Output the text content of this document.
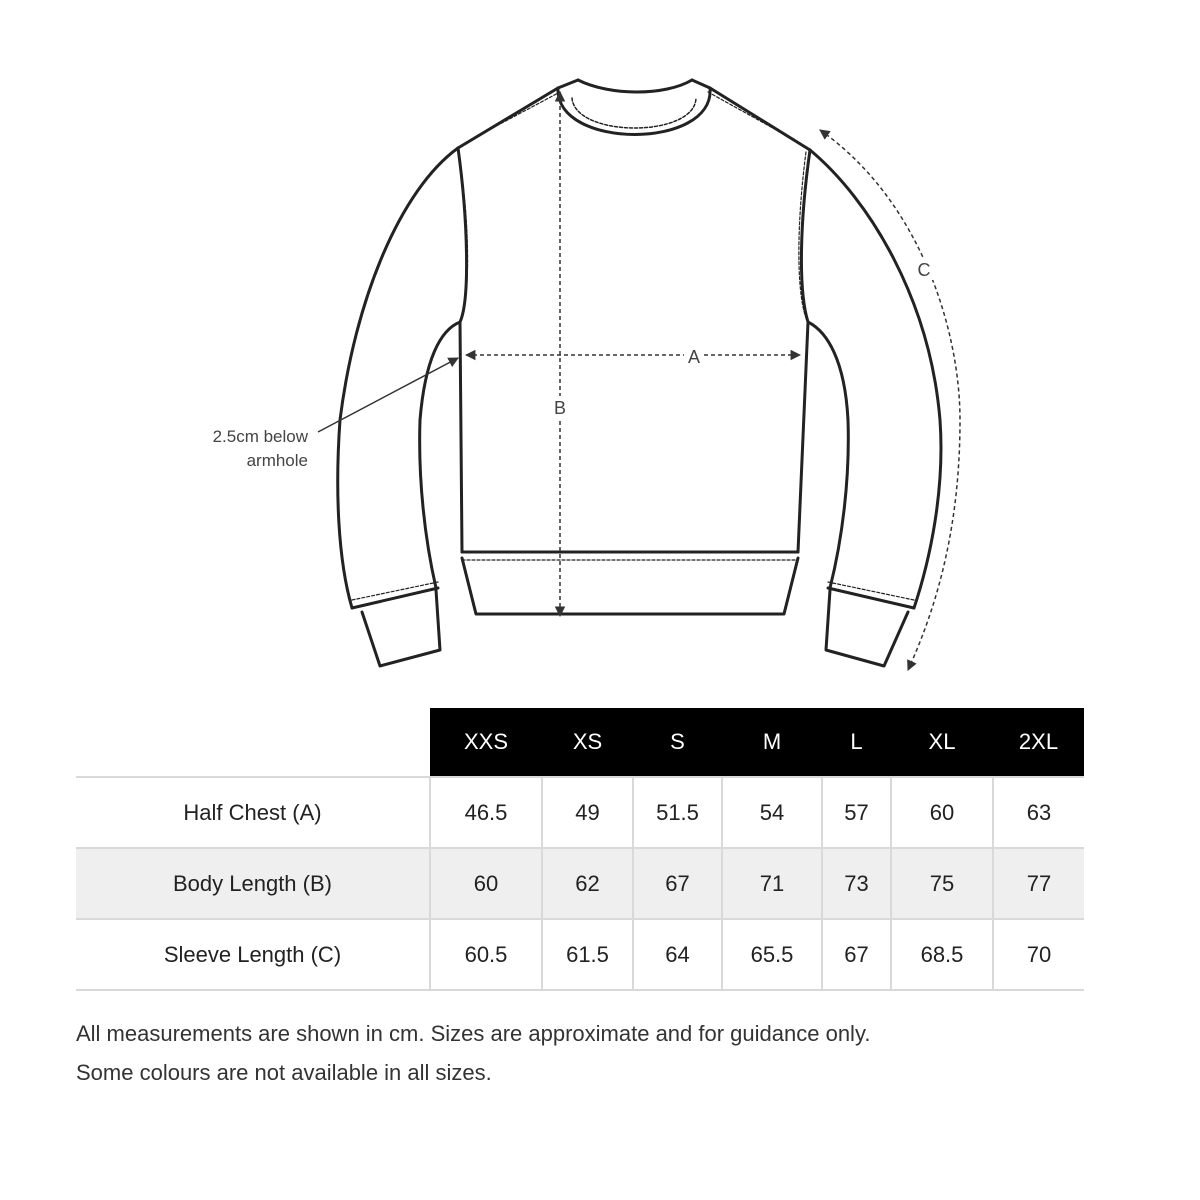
A
B
C
2.5cm below
armhole
	XXS	XS	S	M	L	XL	2XL
Half Chest (A)	46.5	49	51.5	54	57	60	63
Body Length (B)	60	62	67	71	73	75	77
Sleeve Length (C)	60.5	61.5	64	65.5	67	68.5	70
All measurements are shown in cm. Sizes are approximate and for guidance only.
Some colours are not available in all sizes.
